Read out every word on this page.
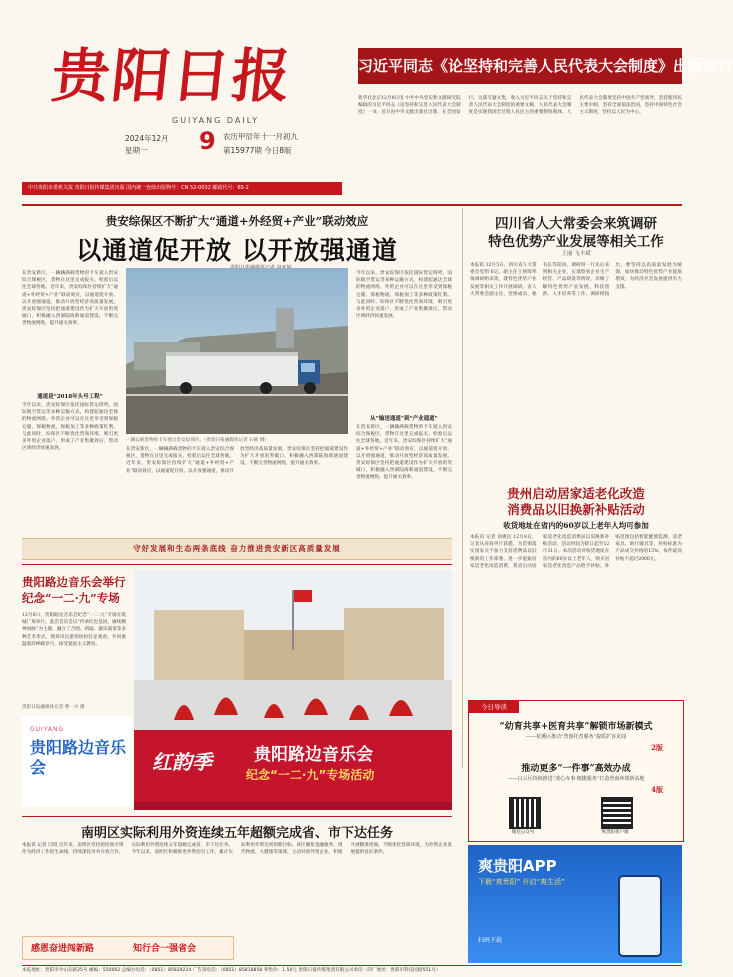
贵阳日报
GUIYANG DAILY
2024年12月 9 农历甲辰年十一月初九
星期一	第15977期 今日8版
中共贵阳市委机关报 贵阳日报传媒集团出版 国内统一连续出版物号：CN 52-0032 邮政代号：65-2
习近平同志《论坚持和完善人民代表大会制度》出版发行
新华社北京12月8日电 中共中央党史和文献研究院编辑的习近平同志《论坚持和完善人民代表大会制度》一书，近日由中央文献出版社出版，在全国发行。这部专题文集，收入习近平同志关于坚持和完善人民代表大会制度的重要文稿。人民代表大会制度是实现我国全过程人民民主的重要制度载体。人民代表大会制度坚持中国共产党领导，坚持使用民主集中制，坚持全面依法治国，坚持中国特色社会主义制度，坚持以人民为中心。
贵安综保区不断扩大“通道+外经贸+产业”联动效应
以通道促开放 以开放强通道
一辆运载货物的卡车驶出贵安综保区。（贵阳日报融媒体记者 石硕 摄）
在贵安新区，一辆辆满载货物的卡车驶入贵安综合保税区，货物在这里完成报关、检验后运往全球各地。近年来，贵安综保区持续扩大“通道+外经贸+产业”联动效应，以通道促开放、以开放强通道，推动开放型经济高质量发展。贵安综保区坚持把通道建设作为扩大开放的突破口，积极融入西部陆海新通道建设，不断完善物流网络，提升通关效率。
通道是“2018年头号工程”
今年以来，贵安综保区依托国际货运班列、国际航空货运等多种运输方式，构建起通达全球的物流网络。外贸企业可以在这里享受到保税仓储、保税物流、保税加工等多种政策红利。与此同时，综保区不断优化营商环境，吸引更多外贸企业落户，形成了产业集聚效应，带动区域经济快速发展。	在贵安新区，一辆辆满载货物的卡车驶入贵安综合保税区，货物在这里完成报关、检验后运往全球各地。近年来，贵安综保区持续扩大“通道+外经贸+产业”联动效应，以通道促开放、以开放强通道，推动开放型经济高质量发展。贵安综保区坚持把通道建设作为扩大开放的突破口，积极融入西部陆海新通道建设，不断完善物流网络，提升通关效率。
今年以来，贵安综保区依托国际货运班列、国际航空货运等多种运输方式，构建起通达全球的物流网络。外贸企业可以在这里享受到保税仓储、保税物流、保税加工等多种政策红利。与此同时，综保区不断优化营商环境，吸引更多外贸企业落户，形成了产业集聚效应，带动区域经济快速发展。
从“输送通道”到“产业通道”
在贵安新区，一辆辆满载货物的卡车驶入贵安综合保税区，货物在这里完成报关、检验后运往全球各地。近年来，贵安综保区持续扩大“通道+外经贸+产业”联动效应，以通道促开放、以开放强通道，推动开放型经济高质量发展。贵安综保区坚持把通道建设作为扩大开放的突破口，积极融入西部陆海新通道建设，不断完善物流网络，提升通关效率。
守好发展和生态两条底线 奋力推进贵安新区高质量发展
四川省人大常委会来筑调研
特色优势产业发展等相关工作
王丽 飞丰斌
本报讯 12月5日，四川省人大常委会党组书记、副主任王铭晖率领调研组来筑，就特色优势产业发展等相关工作开展调研。省人大常委会副主任、党组成员、秘书长等陪同。调研组一行先后来到相关企业，实地察看企业生产经营、产品研发等情况，详细了解特色优势产业发展、科技创新、人才培养等工作。调研组指出，要坚持以高质量发展为统领，加快推动特色优势产业提质增效，为经济社会发展提供有力支撑。
贵州启动居家适老化改造
消费品以旧换新补贴活动
收货地址在省内的60岁以上老年人均可参加
本报讯 记者 刘惠民 12月8日，记者从省商务厅获悉，为贯彻落实国家关于加力支持消费品以旧换新的工作部署，进一步提振居家适老化改造消费，我省启动居家适老化改造消费品以旧换新补贴活动，活动时间为即日起至12月31日。本次活动对收货地址在省内的60岁以上老年人，购买居家适老化改造产品给予补贴。补贴范围包括智能健康监测、适老家具、助行辅具等，补贴标准为产品成交价格的15%，每件最高补贴不超过2000元。
今日导读
“幼育共享+医育共享”解锁市场新模式
——花溪区推动“普惠托育服务”提质扩容见闻
2版
推动更多“一件事”高效办成
——白云区持续推进“放心办事·便捷服务”打造营商环境新高地
4版
微信公众号	爽贵阳客户端
爽贵阳APP
下载“爽贵阳” 开启“爽生活”
扫码下载
贵阳路边音乐会举行
纪念“一二·九”专场
12月8日，贵阳路边音乐会纪念“一二·九”专场在筑城广场举行。此次音乐会以“传承红色基因、赓续精神血脉”为主题，融合了合唱、朗诵、器乐演奏等多种艺术形式，现场市民游客纷纷驻足观看，共同重温那段峥嵘岁月，接受爱国主义教育。
贵阳日报融媒体记者 曹一兵 摄
GUIYANG
贵阳路边音乐会	红韵季 贵阳路边音乐会
纪念“一二·九”专场活动
南明区实际利用外资连续五年超额完成省、市下达任务
本报讯 记者 闫琪 近年来，南明区坚持把招商引资作为经济工作的生命线，持续深化对外开放合作，实际利用外资连续五年超额完成省、市下达任务。今年以来，南明区积极推进外资招引工作，累计实际利用外资达到预期目标。该区聚焦金融服务、现代物流、大健康等领域，主动对接外资企业，积极开展精准招商，不断优化营商环境，为外资企业发展提供良好条件。
感恩奋进闯新路	知行合一强省会
本报地址：贵阳市中山东路25号 邮编：550002 总编办电话：（0851）85829224 广告部电话：（0851）85818858 零售价：1.50元 贵阳日报传媒集团有限公司承印（印厂地址：贵阳市科技园路551号）
